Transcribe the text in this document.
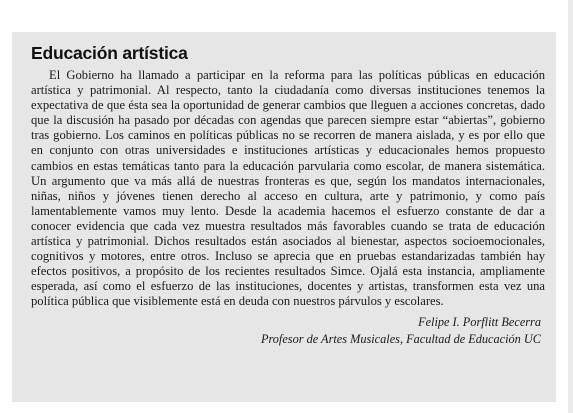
Educación artística

El Gobierno ha llamado a participar en la reforma para las políticas públicas en educación artística y patrimonial. Al respecto, tanto la ciudadanía como diversas instituciones tenemos la expectativa de que ésta sea la oportunidad de generar cambios que lleguen a acciones concretas, dado que la discusión ha pasado por décadas con agendas que parecen siempre estar “abiertas”, gobierno tras gobierno. Los caminos en políticas públicas no se recorren de manera aislada, y es por ello que en conjunto con otras universidades e instituciones artísticas y educacionales hemos propuesto cambios en estas temáticas tanto para la educación parvularia como escolar, de manera sistemática. Un argumento que va más allá de nuestras fronteras es que, según los mandatos internacionales, niñas, niños y jóvenes tienen derecho al acceso en cultura, arte y patrimonio, y como país lamentablemente vamos muy lento. Desde la academia hacemos el esfuerzo constante de dar a conocer evidencia que cada vez muestra resultados más favorables cuando se trata de educación artística y patrimonial. Dichos resultados están asociados al bienestar, aspectos socioemocionales, cognitivos y motores, entre otros. Incluso se aprecia que en pruebas estandarizadas también hay efectos positivos, a propósito de los recientes resultados Simce. Ojalá esta instancia, ampliamente esperada, así como el esfuerzo de las instituciones, docentes y artistas, transformen esta vez una política pública que visiblemente está en deuda con nuestros párvulos y escolares.

Felipe I. Porflitt Becerra

Profesor de Artes Musicales, Facultad de Educación UC
